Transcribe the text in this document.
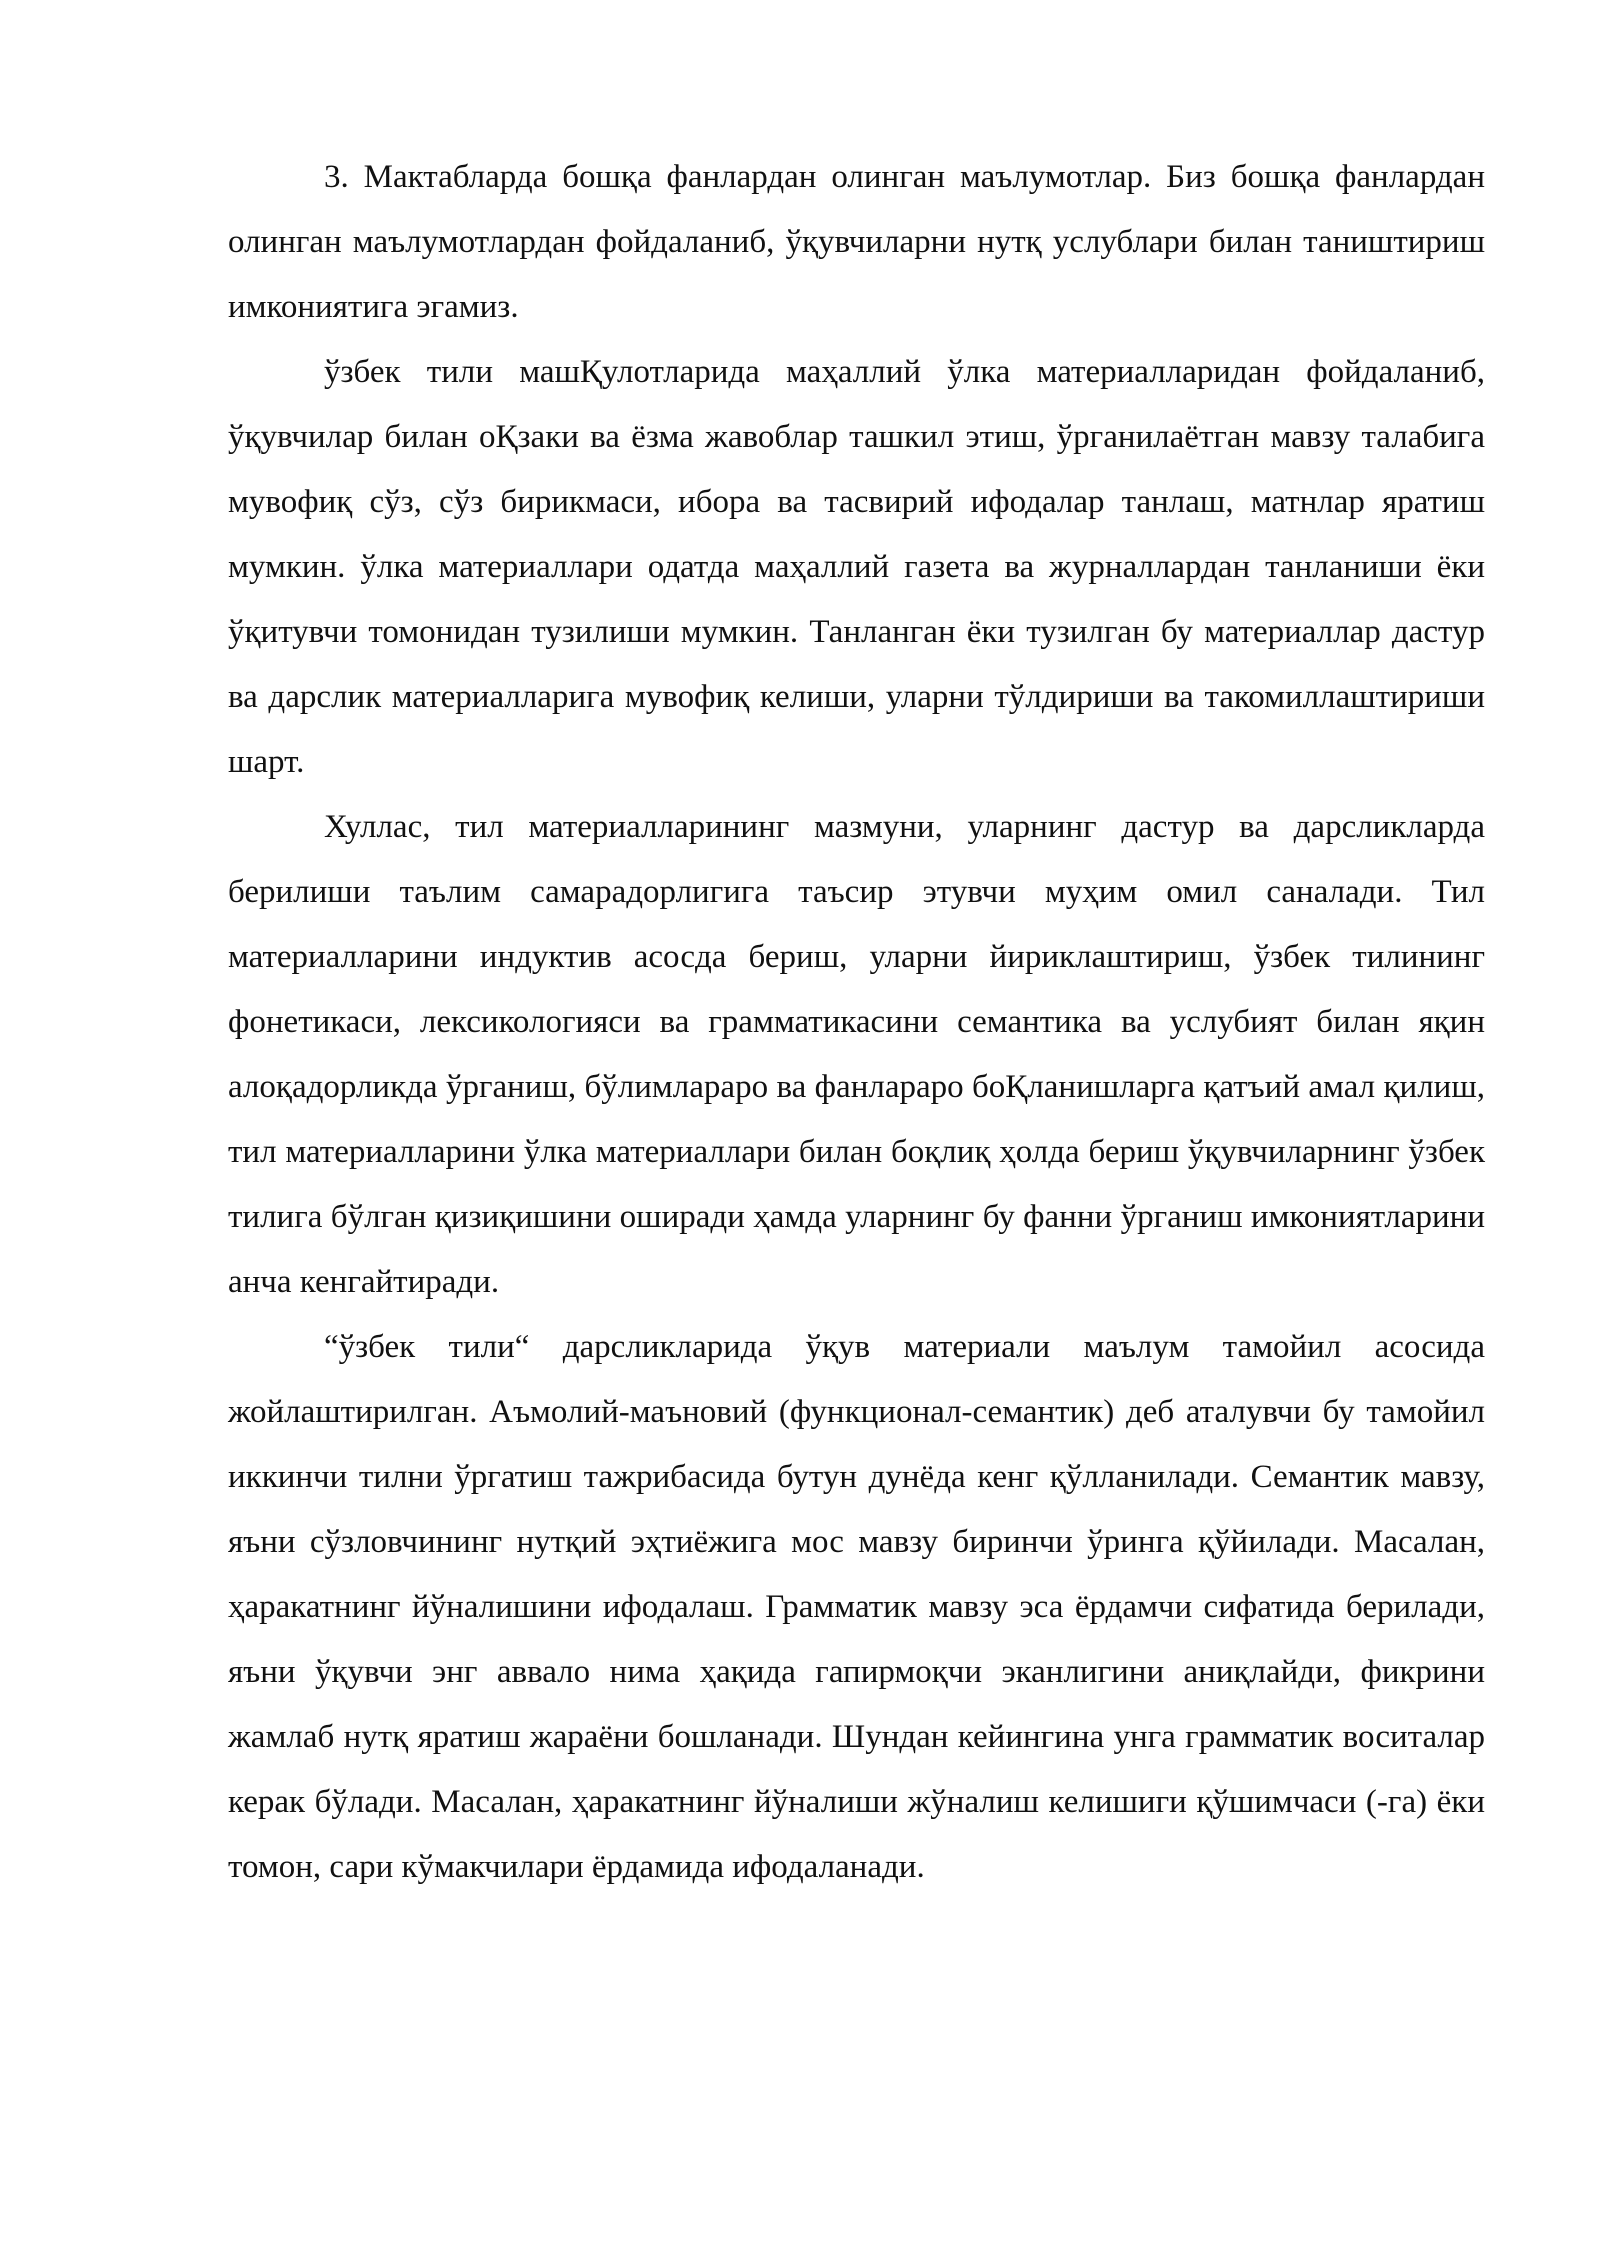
3. Мактабларда бошқа фанлардан олинган маълумотлар. Биз бошқа фанлардан олинган маълумотлардан фойдаланиб, ўқувчиларни нутқ услублари билан таништириш имкониятига эгамиз.

ўзбек тили машҚулотларида маҳаллий ўлка материалларидан фойдаланиб, ўқувчилар билан оҚзаки ва ёзма жавоблар ташкил этиш, ўрганилаётган мавзу талабига мувофиқ сўз, сўз бирикмаси, ибора ва тасвирий ифодалар танлаш, матнлар яратиш мумкин. ўлка материаллари одатда маҳаллий газета ва журналлардан танланиши ёки ўқитувчи томонидан тузилиши мумкин. Танланган ёки тузилган бу материаллар дастур ва дарслик материалларига мувофиқ келиши, уларни тўлдириши ва такомиллаштириши шарт.

Хуллас, тил материалларининг мазмуни, уларнинг дастур ва дарсликларда берилиши таълим самарадорлигига таъсир этувчи муҳим омил саналади. Тил материалларини индуктив асосда бериш, уларни йириклаштириш, ўзбек тилининг фонетикаси, лексикологияси ва грамматикасини семантика ва услубият билан яқин алоқадорликда ўрганиш, бўлимлараро ва фанлараро боҚланишларга қатъий амал қилиш, тил материалларини ўлка материаллари билан боқлиқ ҳолда бериш ўқувчиларнинг ўзбек тилига бўлган қизиқишини оширади ҳамда уларнинг бу фанни ўрганиш имкониятларини анча кенгайтиради.

“ўзбек тили“ дарсликларида ўқув материали маълум тамойил асосида жойлаштирилган. Аъмолий-маъновий (функционал-семантик) деб аталувчи бу тамойил иккинчи тилни ўргатиш тажрибасида бутун дунёда кенг қўлланилади. Семантик мавзу, яъни сўзловчининг нутқий эҳтиёжига мос мавзу биринчи ўринга қўйилади. Масалан, ҳаракатнинг йўналишини ифодалаш. Грамматик мавзу эса ёрдамчи сифатида берилади, яъни ўқувчи энг аввало нима ҳақида гапирмоқчи эканлигини аниқлайди, фикрини жамлаб нутқ яратиш жараёни бошланади. Шундан кейингина унга грамматик воситалар керак бўлади. Масалан, ҳаракатнинг йўналиши жўналиш келишиги қўшимчаси (-га) ёки томон, сари кўмакчилари ёрдамида ифодаланади.
